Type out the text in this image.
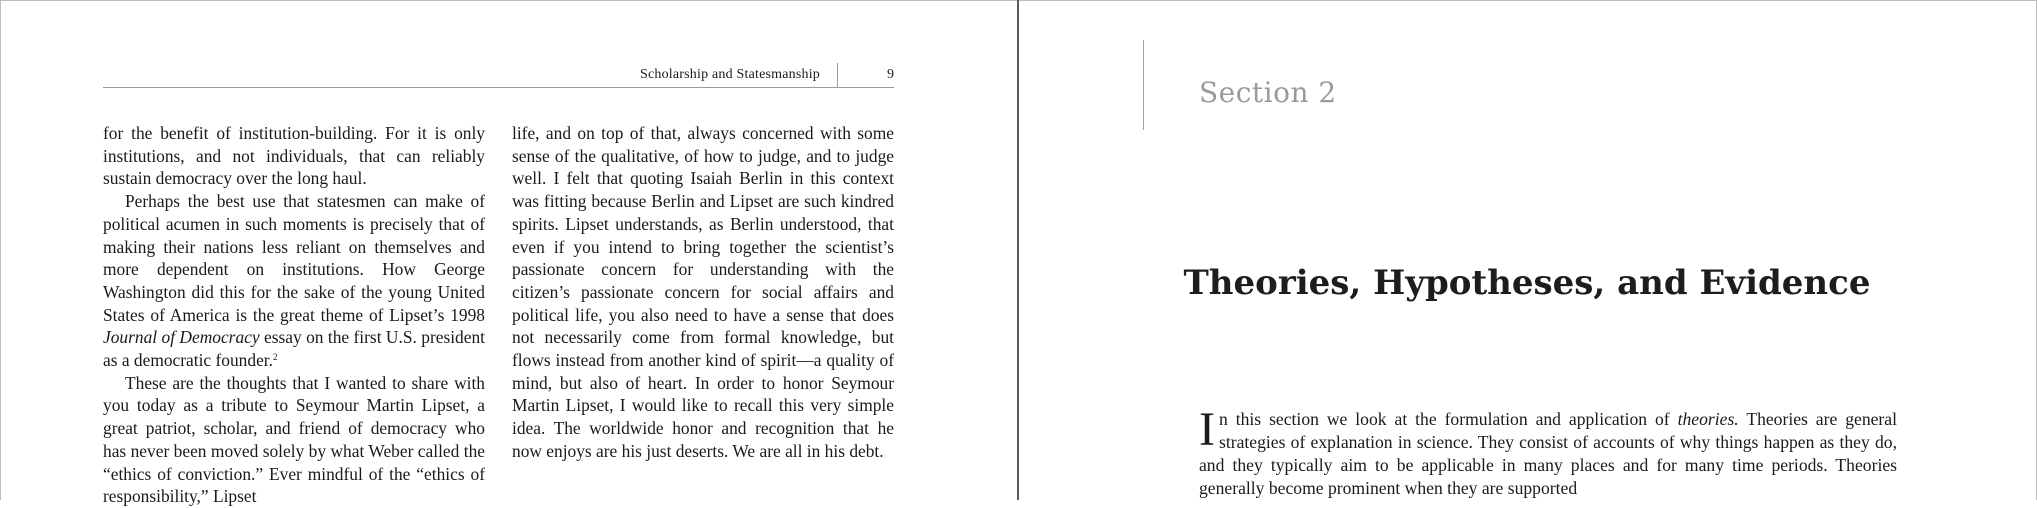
Scholarship and Statesmanship	9

for the benefit of institution-building. For it is only institutions, and not individuals, that can reliably sustain democracy over the long haul.

Perhaps the best use that statesmen can make of political acumen in such moments is precisely that of making their nations less reliant on themselves and more dependent on institutions. How George Washington did this for the sake of the young United States of America is the great theme of Lipset’s 1998 Journal of Democracy essay on the first U.S. president as a democratic founder.$^2$

These are the thoughts that I wanted to share with you today as a tribute to Seymour Martin Lipset, a great patriot, scholar, and friend of democracy who has never been moved solely by what Weber called the “ethics of conviction.” Ever mindful of the “ethics of responsibility,” Lipset

life, and on top of that, always concerned with some sense of the qualitative, of how to judge, and to judge well. I felt that quoting Isaiah Berlin in this context was fitting because Berlin and Lipset are such kindred spirits. Lipset understands, as Berlin understood, that even if you intend to bring together the scientist’s passionate concern for understanding with the citizen’s passionate concern for social affairs and political life, you also need to have a sense that does not necessarily come from formal knowledge, but flows instead from another kind of spirit—a quality of mind, but also of heart. In order to honor Seymour Martin Lipset, I would like to recall this very simple idea. The worldwide honor and recognition that he now enjoys are his just deserts. We are all in his debt.

Section 2
Theories, Hypotheses, and Evidence

In this section we look at the formulation and application of theories. Theories are general strategies of explanation in science. They consist of accounts of why things happen as they do, and they typically aim to be applicable in many places and for many time periods. Theories generally become prominent when they are supported
